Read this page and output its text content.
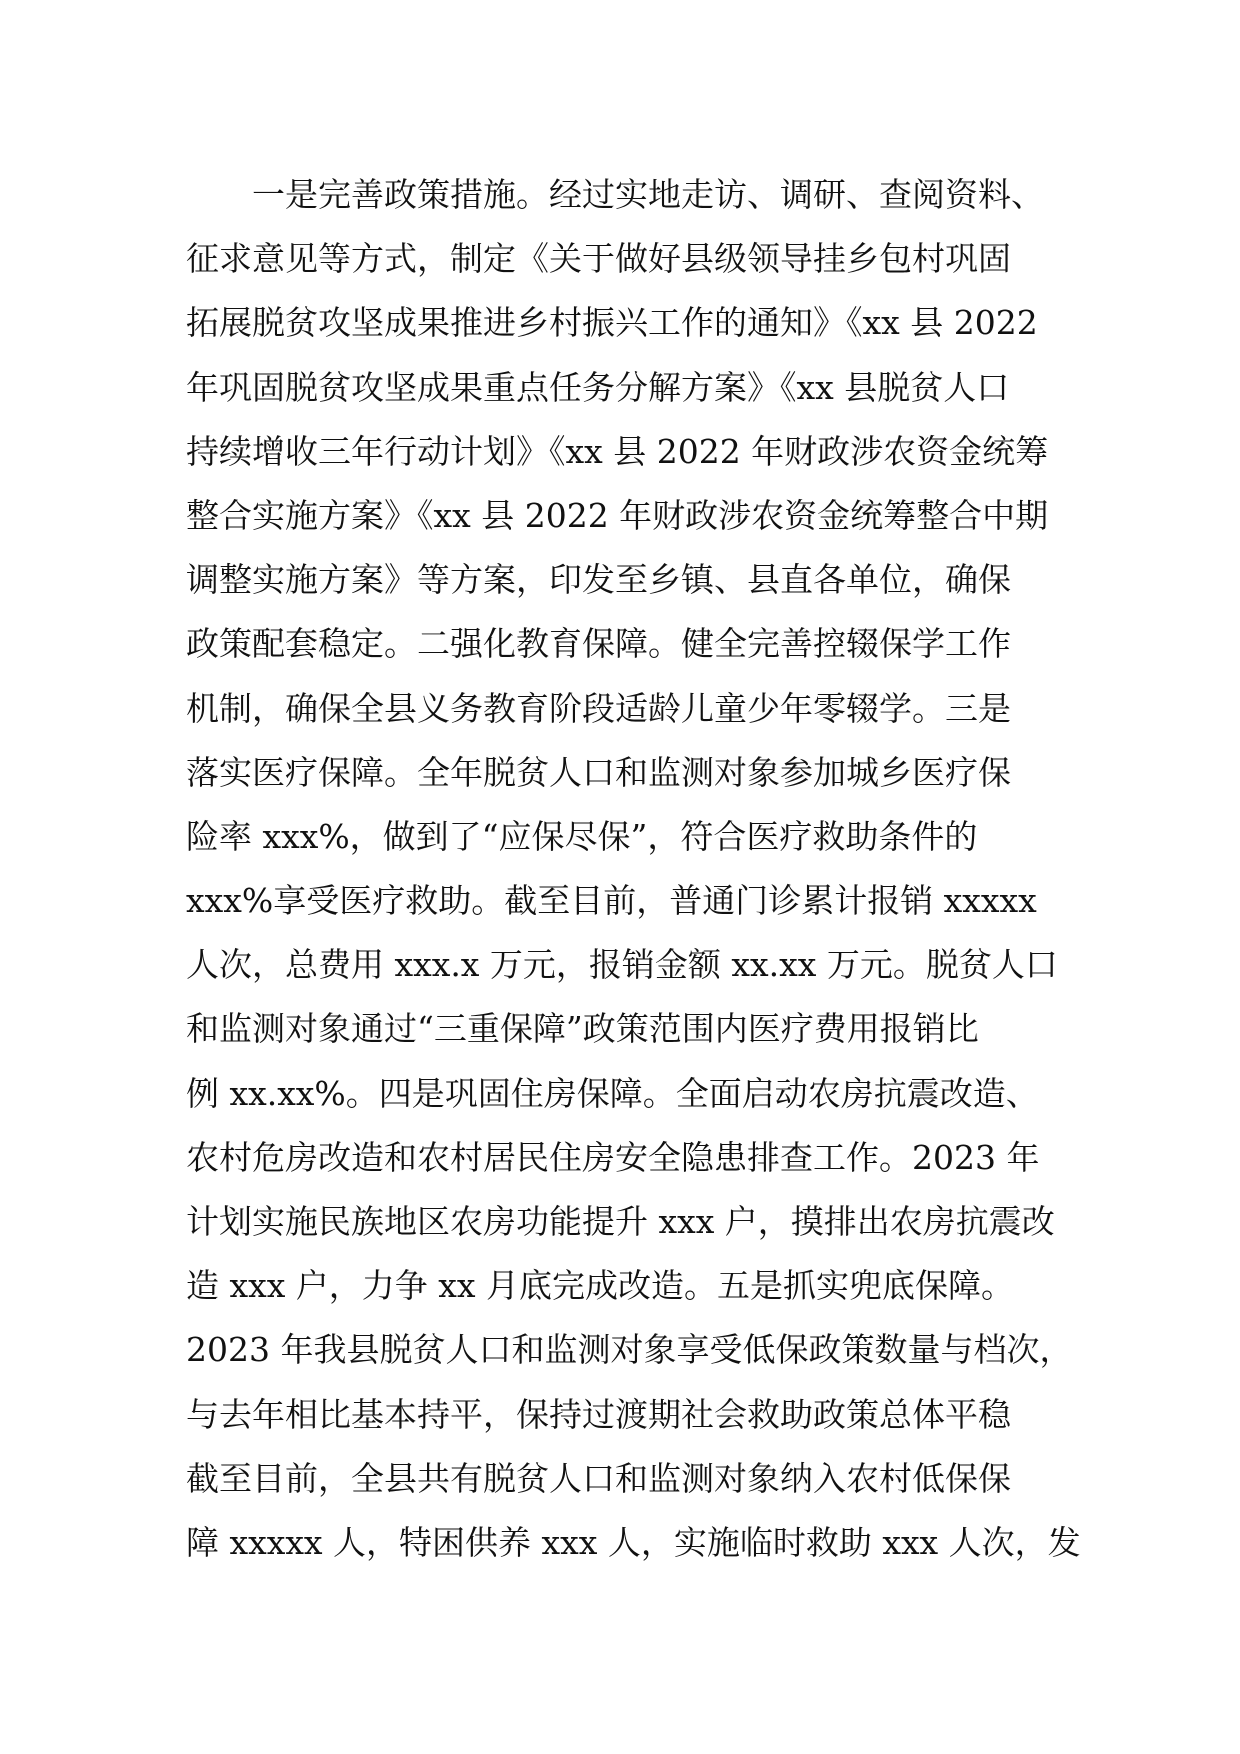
一是完善政策措施。经过实地走访、调研、查阅资料、
征求意见等方式，制定《关于做好县级领导挂乡包村巩固
拓展脱贫攻坚成果推进乡村振兴工作的通知》《xx 县 2022
年巩固脱贫攻坚成果重点任务分解方案》《xx 县脱贫人口
持续增收三年行动计划》《xx 县 2022 年财政涉农资金统筹
整合实施方案》《xx 县 2022 年财政涉农资金统筹整合中期
调整实施方案》等方案，印发至乡镇、县直各单位，确保
政策配套稳定。二强化教育保障。健全完善控辍保学工作
机制，确保全县义务教育阶段适龄儿童少年零辍学。三是
落实医疗保障。全年脱贫人口和监测对象参加城乡医疗保
险率 xxx%，做到了“应保尽保”，符合医疗救助条件的
xxx%享受医疗救助。截至目前，普通门诊累计报销 xxxxx
人次，总费用 xxx.x 万元，报销金额 xx.xx 万元。脱贫人口
和监测对象通过“三重保障”政策范围内医疗费用报销比
例 xx.xx%。四是巩固住房保障。全面启动农房抗震改造、
农村危房改造和农村居民住房安全隐患排查工作。2023 年
计划实施民族地区农房功能提升 xxx 户，摸排出农房抗震改
造 xxx 户，力争 xx 月底完成改造。五是抓实兜底保障。
2023 年我县脱贫人口和监测对象享受低保政策数量与档次，
与去年相比基本持平，保持过渡期社会救助政策总体平稳
截至目前，全县共有脱贫人口和监测对象纳入农村低保保
障 xxxxx 人，特困供养 xxx 人，实施临时救助 xxx 人次，发
